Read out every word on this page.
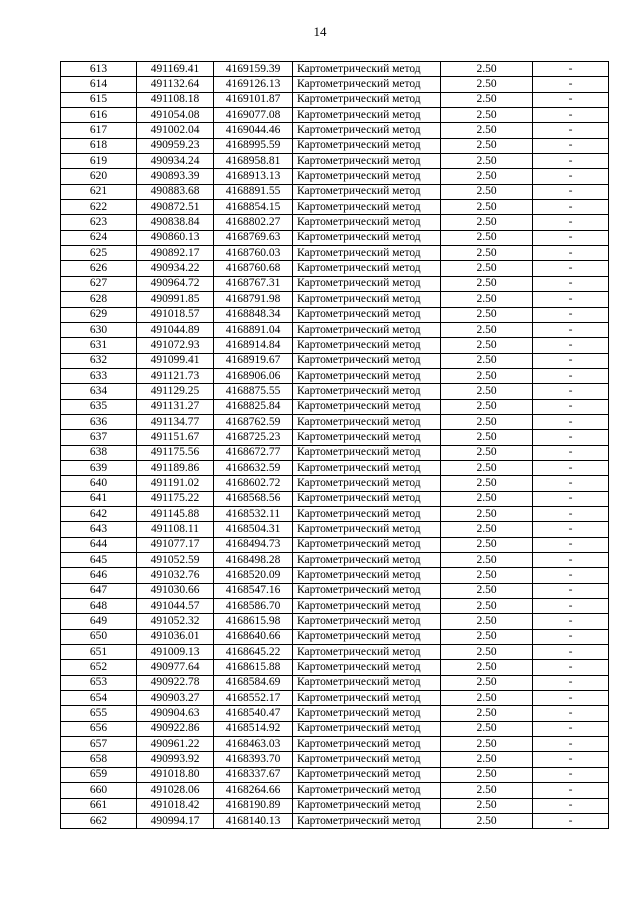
14
613	491169.41	4169159.39	Картометрический метод	2.50	-
614	491132.64	4169126.13	Картометрический метод	2.50	-
615	491108.18	4169101.87	Картометрический метод	2.50	-
616	491054.08	4169077.08	Картометрический метод	2.50	-
617	491002.04	4169044.46	Картометрический метод	2.50	-
618	490959.23	4168995.59	Картометрический метод	2.50	-
619	490934.24	4168958.81	Картометрический метод	2.50	-
620	490893.39	4168913.13	Картометрический метод	2.50	-
621	490883.68	4168891.55	Картометрический метод	2.50	-
622	490872.51	4168854.15	Картометрический метод	2.50	-
623	490838.84	4168802.27	Картометрический метод	2.50	-
624	490860.13	4168769.63	Картометрический метод	2.50	-
625	490892.17	4168760.03	Картометрический метод	2.50	-
626	490934.22	4168760.68	Картометрический метод	2.50	-
627	490964.72	4168767.31	Картометрический метод	2.50	-
628	490991.85	4168791.98	Картометрический метод	2.50	-
629	491018.57	4168848.34	Картометрический метод	2.50	-
630	491044.89	4168891.04	Картометрический метод	2.50	-
631	491072.93	4168914.84	Картометрический метод	2.50	-
632	491099.41	4168919.67	Картометрический метод	2.50	-
633	491121.73	4168906.06	Картометрический метод	2.50	-
634	491129.25	4168875.55	Картометрический метод	2.50	-
635	491131.27	4168825.84	Картометрический метод	2.50	-
636	491134.77	4168762.59	Картометрический метод	2.50	-
637	491151.67	4168725.23	Картометрический метод	2.50	-
638	491175.56	4168672.77	Картометрический метод	2.50	-
639	491189.86	4168632.59	Картометрический метод	2.50	-
640	491191.02	4168602.72	Картометрический метод	2.50	-
641	491175.22	4168568.56	Картометрический метод	2.50	-
642	491145.88	4168532.11	Картометрический метод	2.50	-
643	491108.11	4168504.31	Картометрический метод	2.50	-
644	491077.17	4168494.73	Картометрический метод	2.50	-
645	491052.59	4168498.28	Картометрический метод	2.50	-
646	491032.76	4168520.09	Картометрический метод	2.50	-
647	491030.66	4168547.16	Картометрический метод	2.50	-
648	491044.57	4168586.70	Картометрический метод	2.50	-
649	491052.32	4168615.98	Картометрический метод	2.50	-
650	491036.01	4168640.66	Картометрический метод	2.50	-
651	491009.13	4168645.22	Картометрический метод	2.50	-
652	490977.64	4168615.88	Картометрический метод	2.50	-
653	490922.78	4168584.69	Картометрический метод	2.50	-
654	490903.27	4168552.17	Картометрический метод	2.50	-
655	490904.63	4168540.47	Картометрический метод	2.50	-
656	490922.86	4168514.92	Картометрический метод	2.50	-
657	490961.22	4168463.03	Картометрический метод	2.50	-
658	490993.92	4168393.70	Картометрический метод	2.50	-
659	491018.80	4168337.67	Картометрический метод	2.50	-
660	491028.06	4168264.66	Картометрический метод	2.50	-
661	491018.42	4168190.89	Картометрический метод	2.50	-
662	490994.17	4168140.13	Картометрический метод	2.50	-
